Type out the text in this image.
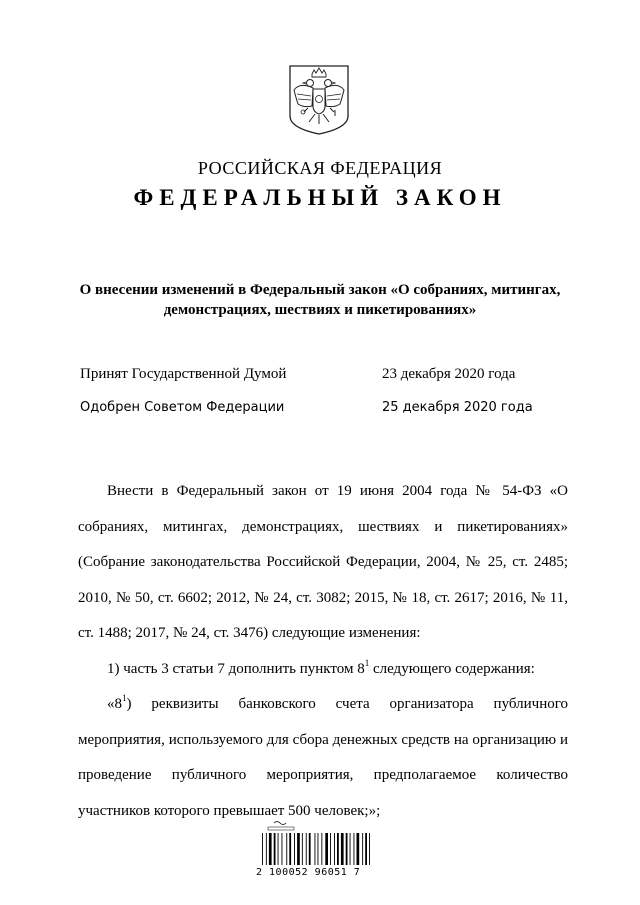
РОССИЙСКАЯ ФЕДЕРАЦИЯ
ФЕДЕРАЛЬНЫЙ ЗАКОН
О внесении изменений в Федеральный закон «О собраниях, митингах,
демонстрациях, шествиях и пикетированиях»
Принят Государственной Думой	23 декабря 2020 года
Одобрен Советом Федерации	25 декабря 2020 года

Внести в Федеральный закон от 19 июня 2004 года № 54-ФЗ «О собраниях, митингах, демонстрациях, шествиях и пикетированиях» (Собрание законодательства Российской Федерации, 2004, № 25, ст. 2485; 2010, № 50, ст. 6602; 2012, № 24, ст. 3082; 2015, № 18, ст. 2617; 2016, № 11, ст. 1488; 2017, № 24, ст. 3476) следующие изменения:

1) часть 3 статьи 7 дополнить пунктом $8^1$ следующего содержания:

«$8^1$) реквизиты банковского счета организатора публичного мероприятия, используемого для сбора денежных средств на организацию и проведение публичного мероприятия, предполагаемое количество участников которого превышает 500 человек;»;

2 100052 96051 7
